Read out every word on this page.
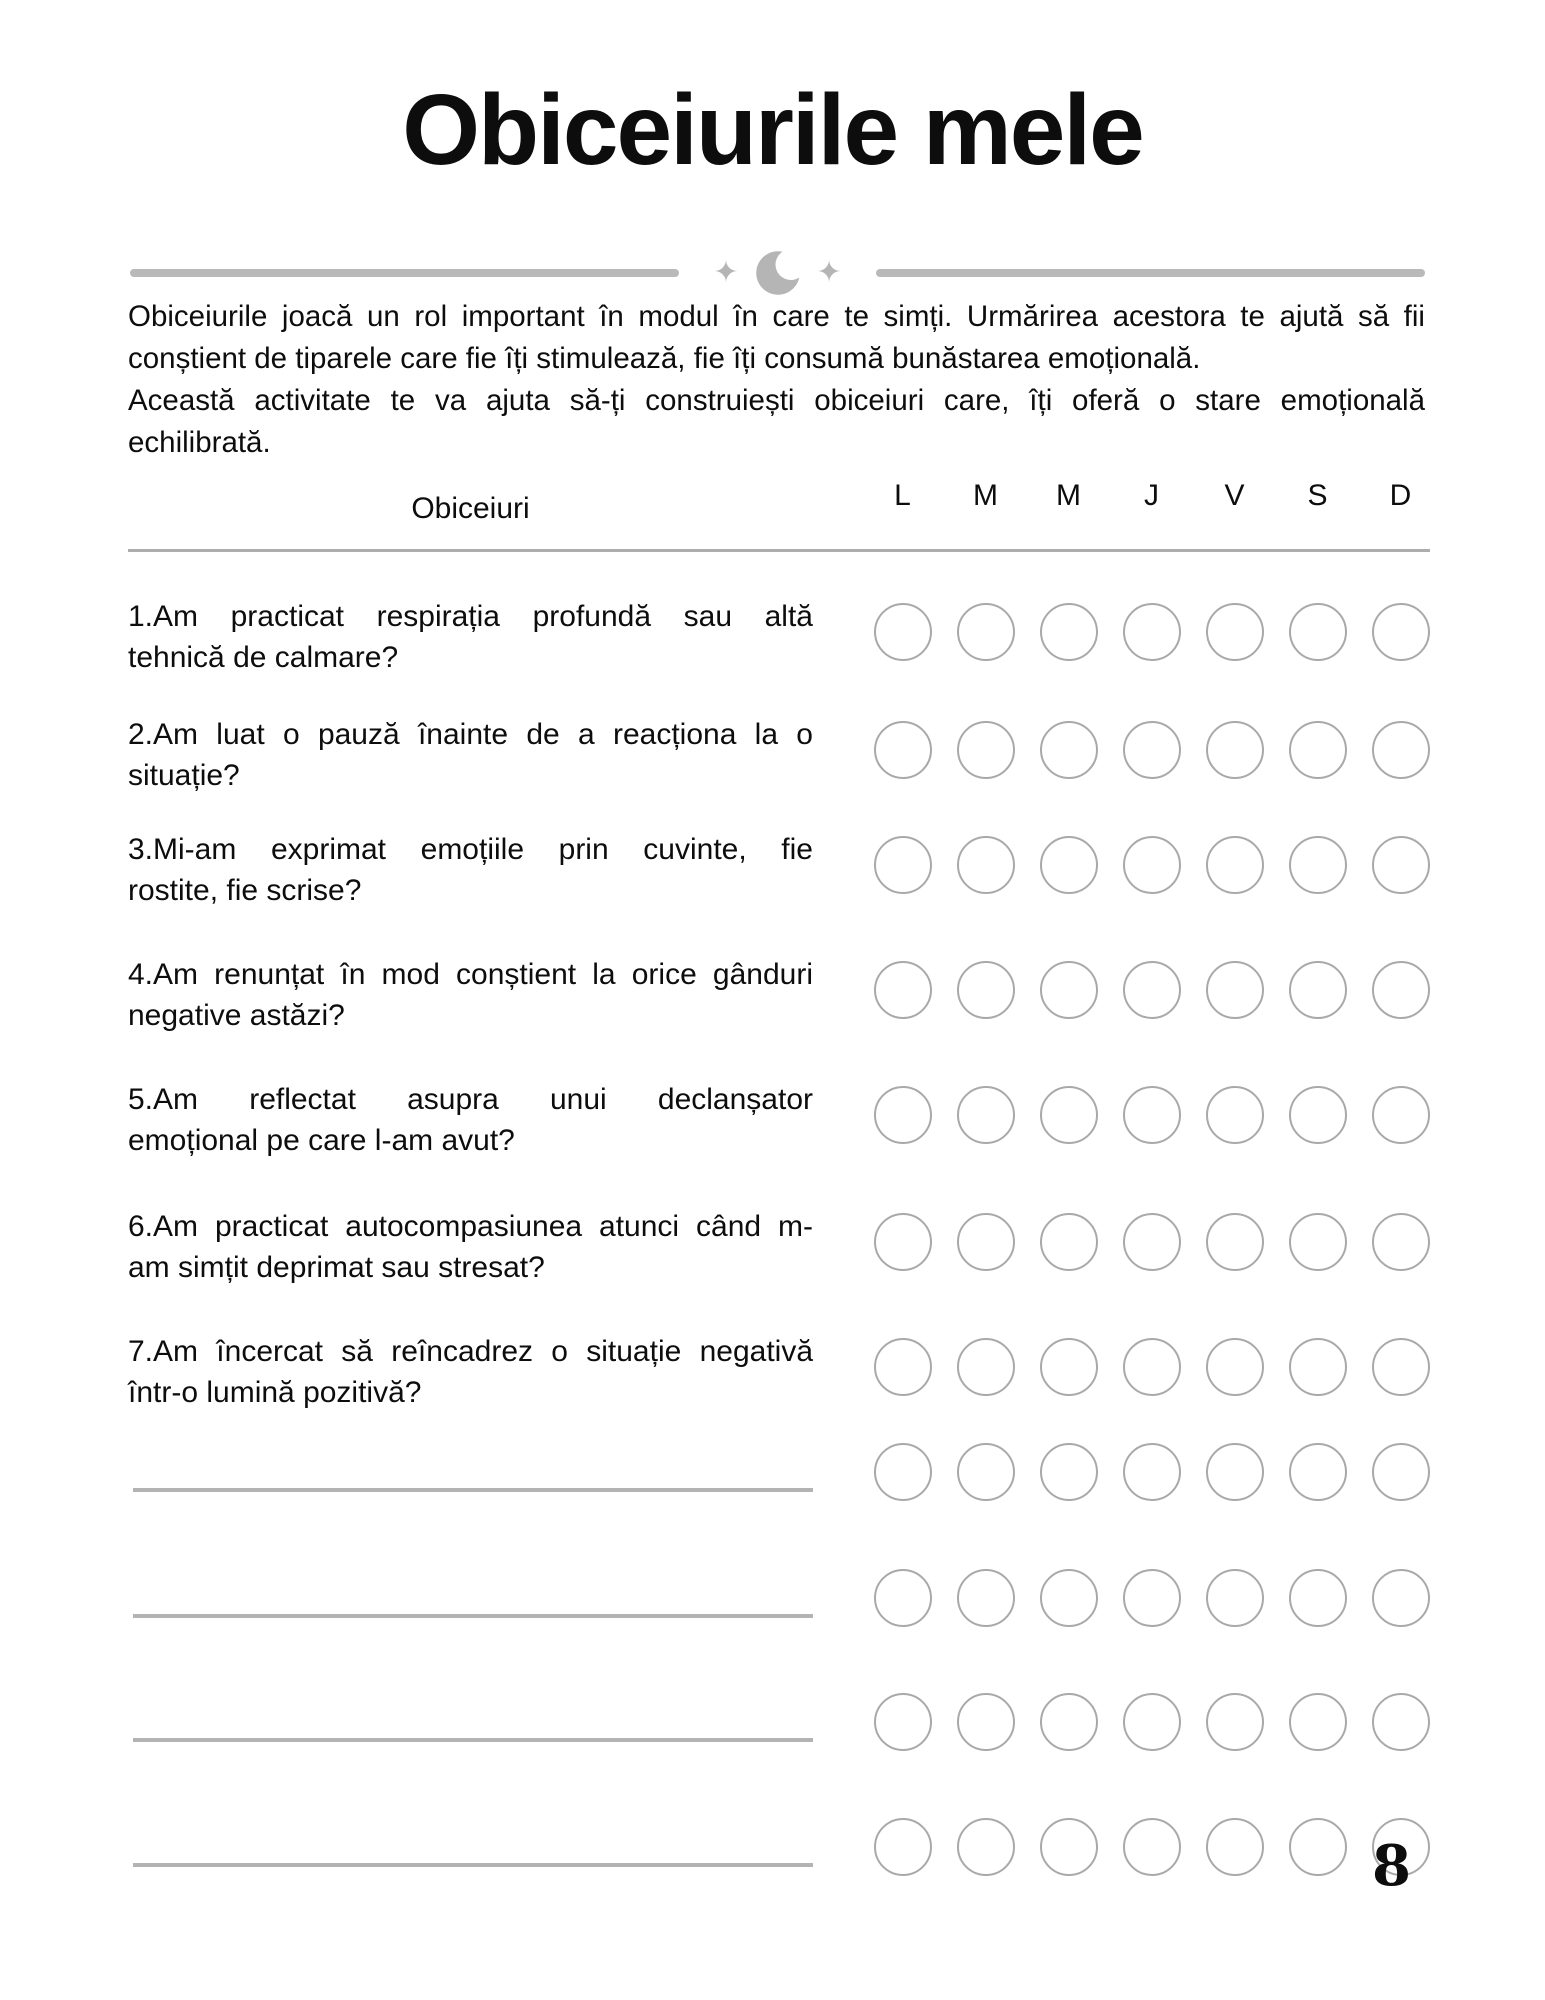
Obiceiurile mele
✦	✦
Obiceiurile joacă un rol important în modul în care te simți. Urmărirea acestora te ajută să fii
conștient de tiparele care fie îți stimulează, fie îți consumă bunăstarea emoțională.
Această activitate te va ajuta să-ți construiești obiceiuri care, îți oferă o stare emoțională
echilibrată.
Obiceiuri	L	M	M	J	V	S	D
1.Am practicat respirația profundă sau altă
tehnică de calmare?
2.Am luat o pauză înainte de a reacționa la o
situație?
3.Mi-am exprimat emoțiile prin cuvinte, fie
rostite, fie scrise?
4.Am renunțat în mod conștient la orice gânduri
negative astăzi?
5.Am reflectat asupra unui declanșator
emoțional pe care l-am avut?
6.Am practicat autocompasiunea atunci când m-
am simțit deprimat sau stresat?
7.Am încercat să reîncadrez o situație negativă
într-o lumină pozitivă?
8
